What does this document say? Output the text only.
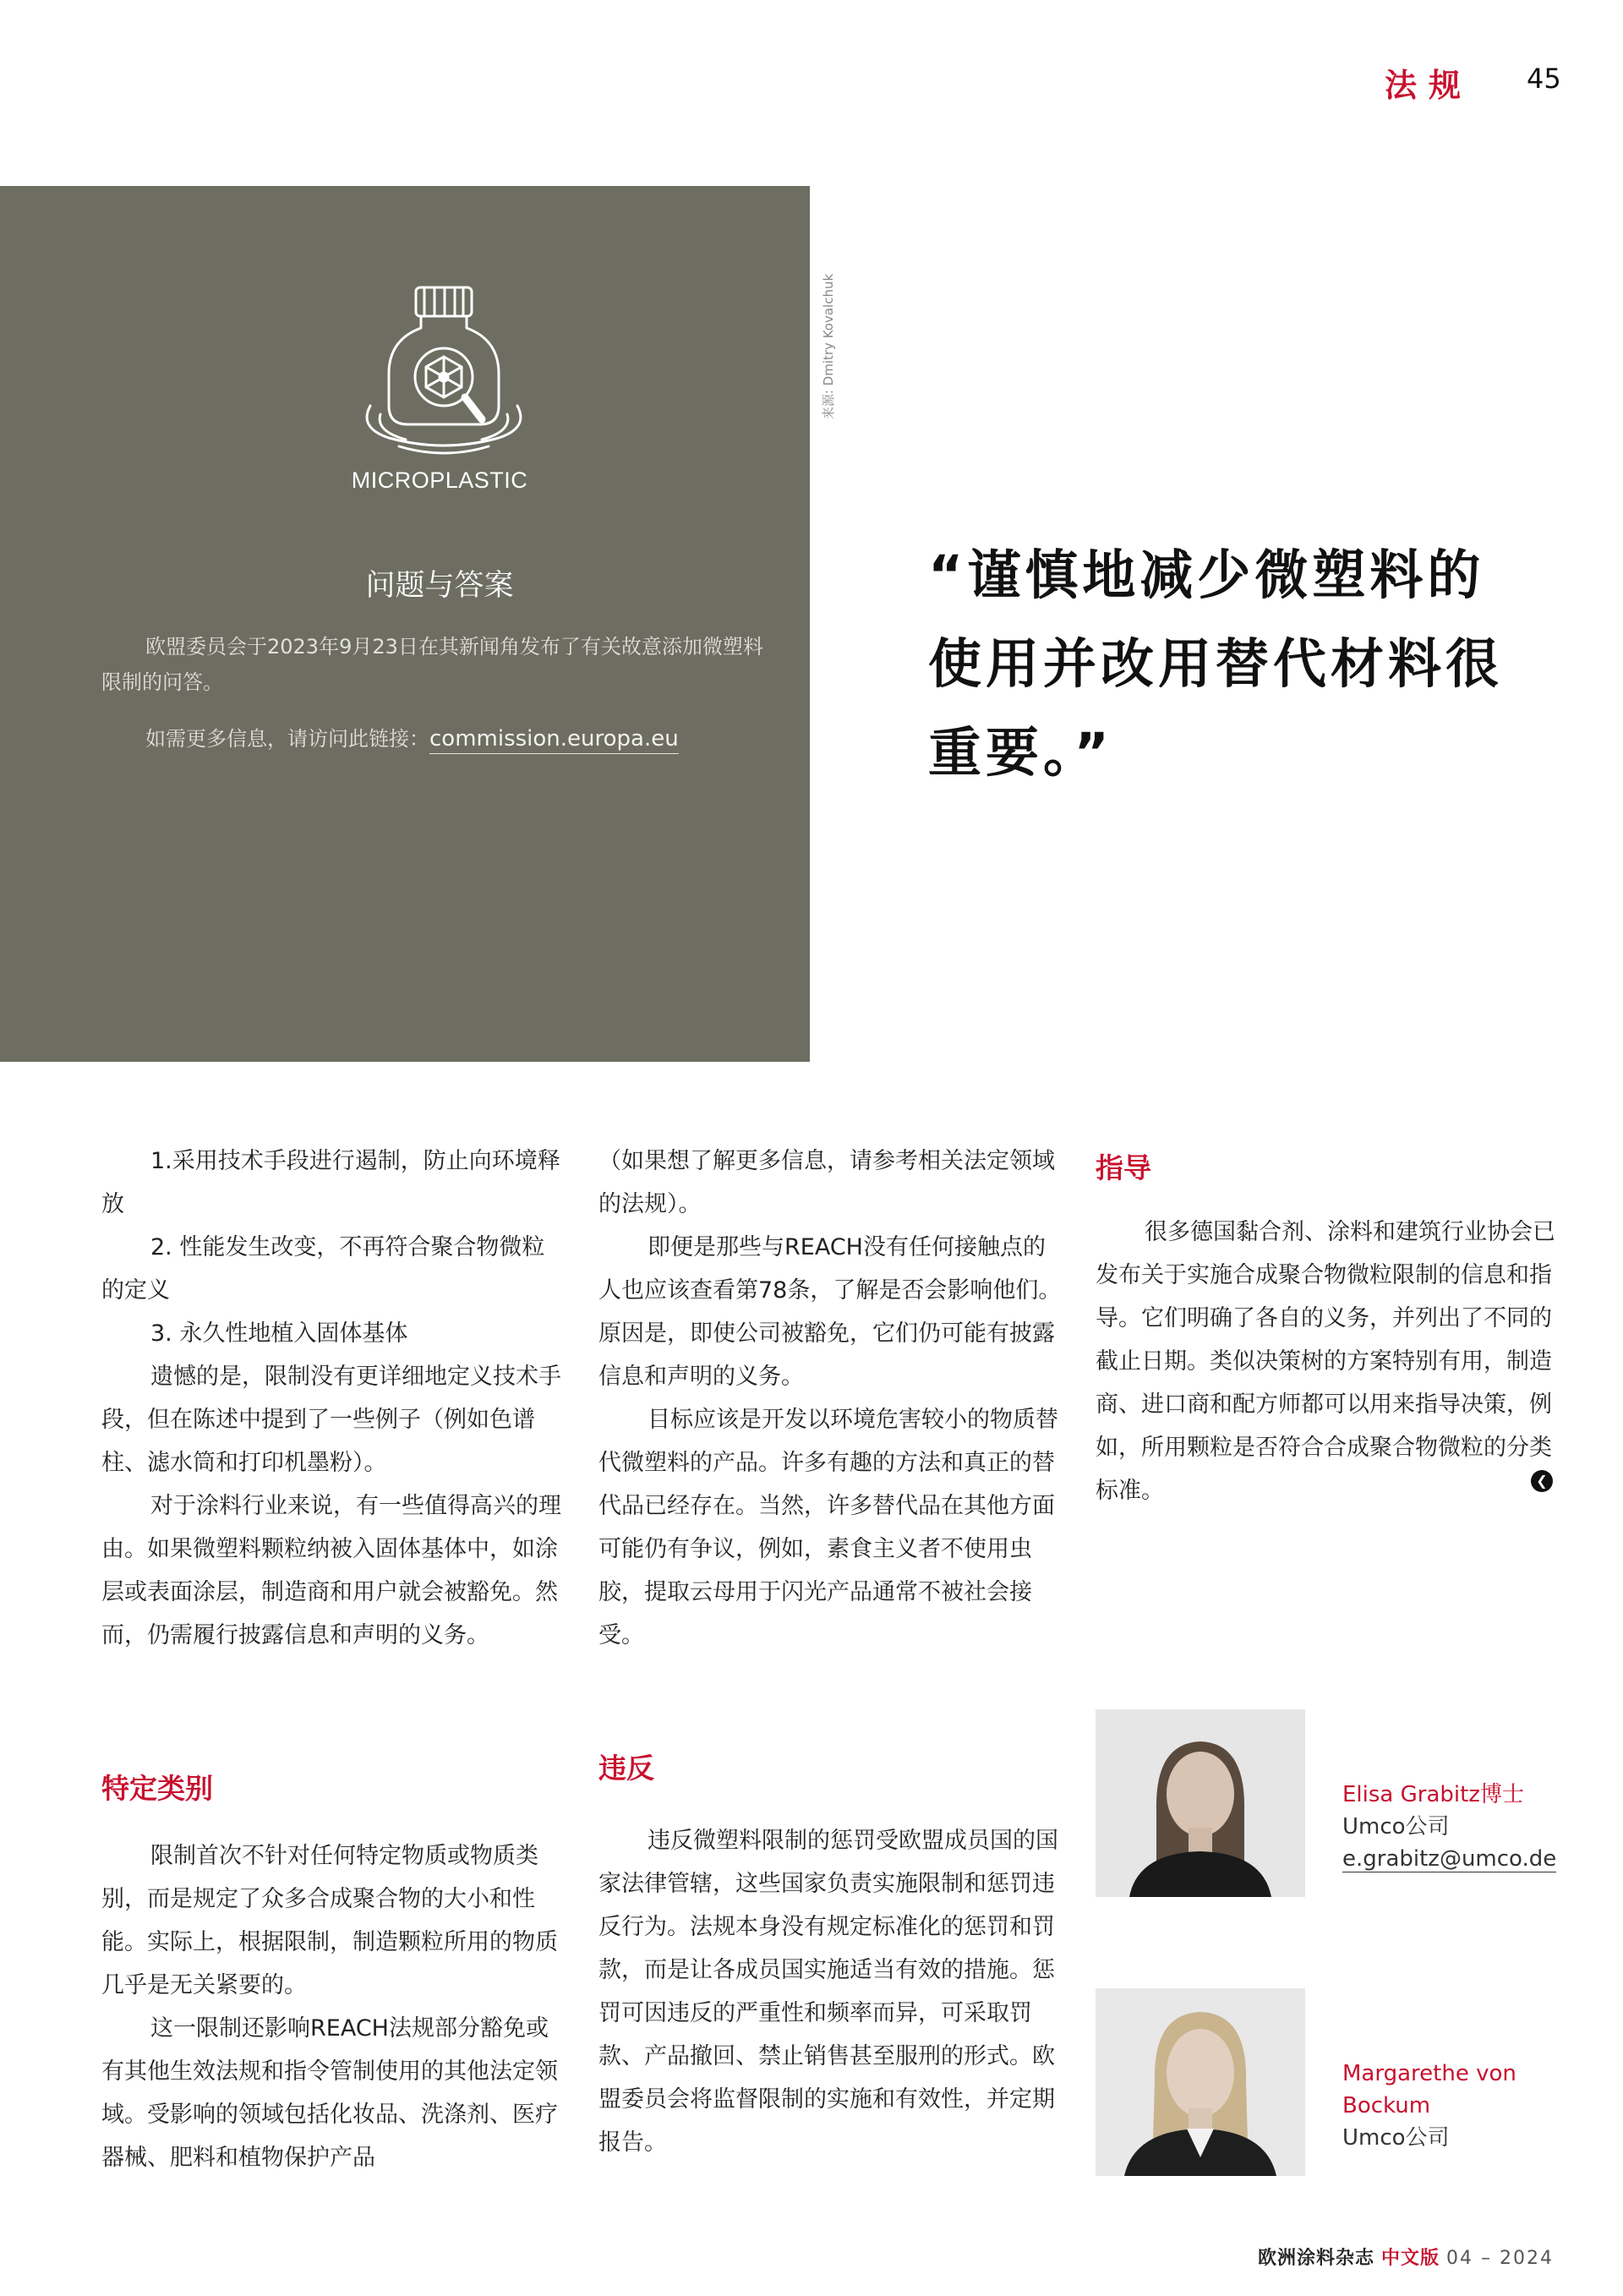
法规 45
来源: Dmitry Kovalchuk
MICROPLASTIC
问题与答案
欧盟委员会于2023年9月23日在其新闻角发布了有关故意添加微塑料限制的问答。
如需更多信息，请访问此链接：commission.europa.eu
“谨慎地减少微塑料的使用并改用替代材料很重要。”

1.采用技术手段进行遏制，防止向环境释放

2. 性能发生改变，不再符合聚合物微粒的定义

3. 永久性地植入固体基体

遗憾的是，限制没有更详细地定义技术手段，但在陈述中提到了一些例子（例如色谱柱、滤水筒和打印机墨粉）。

对于涂料行业来说，有一些值得高兴的理由。如果微塑料颗粒纳被入固体基体中，如涂层或表面涂层，制造商和用户就会被豁免。然而，仍需履行披露信息和声明的义务。

特定类别

限制首次不针对任何特定物质或物质类别，而是规定了众多合成聚合物的大小和性能。实际上，根据限制，制造颗粒所用的物质几乎是无关紧要的。

这一限制还影响REACH法规部分豁免或有其他生效法规和指令管制使用的其他法定领域。受影响的领域包括化妆品、洗涤剂、医疗器械、肥料和植物保护产品

（如果想了解更多信息，请参考相关法定领域的法规）。

即便是那些与REACH没有任何接触点的人也应该查看第78条，了解是否会影响他们。原因是，即使公司被豁免，它们仍可能有披露信息和声明的义务。

目标应该是开发以环境危害较小的物质替代微塑料的产品。许多有趣的方法和真正的替代品已经存在。当然，许多替代品在其他方面可能仍有争议，例如，素食主义者不使用虫胶，提取云母用于闪光产品通常不被社会接受。

违反

违反微塑料限制的惩罚受欧盟成员国的国家法律管辖，这些国家负责实施限制和惩罚违反行为。法规本身没有规定标准化的惩罚和罚款，而是让各成员国实施适当有效的措施。惩罚可因违反的严重性和频率而异，可采取罚款、产品撤回、禁止销售甚至服刑的形式。欧盟委员会将监督限制的实施和有效性，并定期报告。

指导

很多德国黏合剂、涂料和建筑行业协会已发布关于实施合成聚合物微粒限制的信息和指导。它们明确了各自的义务，并列出了不同的截止日期。类似决策树的方案特别有用，制造商、进口商和配方师都可以用来指导决策，例如，所用颗粒是否符合合成聚合物微粒的分类标准。	❮
Elisa Grabitz博士
Umco公司
e.grabitz@umco.de
Margarethe von
Bockum
Umco公司
欧洲涂料杂志 中文版 04 – 2024
